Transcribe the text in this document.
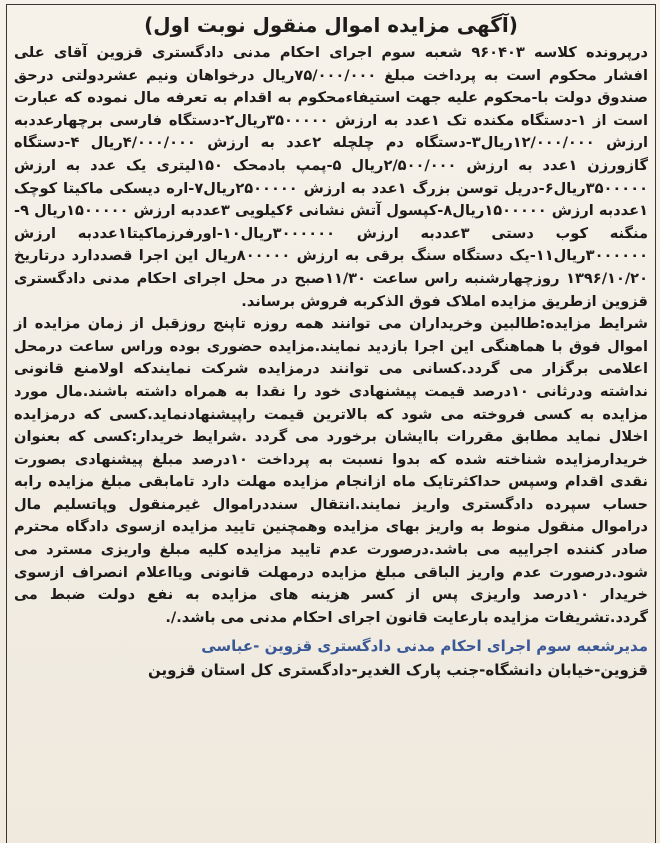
(آگهی مزایده اموال منقول نوبت اول)

درپرونده کلاسه ۹۶۰۴۰۳ شعبه سوم اجرای احکام مدنی دادگستری قزوین آقای علی افشار محکوم است به پرداخت مبلغ ۷۵/۰۰۰/۰۰۰ریال درخواهان ونیم عشردولتی درحق صندوق دولت با-محکوم علیه جهت استیفاءمحکوم به اقدام به تعرفه مال نموده که عبارت است از ۱-دستگاه مکنده تک ۱عدد به ارزش ۳۵۰۰۰۰۰ریال۲-دستگاه فارسی برچهارعددبه ارزش ۱۲/۰۰۰/۰۰۰ریال۳-دستگاه دم چلچله ۲عدد به ارزش ۴/۰۰۰/۰۰۰ریال ۴-دستگاه گازورزن ۱عدد به ارزش ۲/۵۰۰/۰۰۰ریال ۵-پمپ بادمحک ۱۵۰لیتری یک عدد به ارزش ۳۵۰۰۰۰۰ریال۶-دریل توسن بزرگ ۱عدد به ارزش ۲۵۰۰۰۰۰ریال۷-اره دیسکی ماکیتا کوچک ۱عددبه ارزش ۱۵۰۰۰۰۰ریال۸-کپسول آتش نشانی ۶کیلویی ۳عددبه ارزش ۱۵۰۰۰۰۰ریال ۹-منگنه کوب دستی ۳عددبه ارزش ۳۰۰۰۰۰۰ریال۱۰-اورفرزماکیتا۱عددبه ارزش ۳۰۰۰۰۰۰ریال۱۱-یک دستگاه سنگ برقی به ارزش ۸۰۰۰۰۰ریال این اجرا قصددارد درتاریخ ۱۳۹۶/۱۰/۲۰ روزچهارشنبه راس ساعت ۱۱/۳۰صبح در محل اجرای احکام مدنی دادگستری قزوین ازطریق مزایده املاک فوق الذکربه فروش برساند.

شرایط مزایده:طالبین وخریداران می توانند همه روزه تاپنج روزقبل از زمان مزایده از اموال فوق با هماهنگی این اجرا بازدید نمایند.مزایده حضوری بوده وراس ساعت درمحل اعلامی برگزار می گردد.کسانی می توانند درمزایده شرکت نمایندکه اولامنع قانونی نداشته ودرثانی ۱۰درصد قیمت پیشنهادی خود را نقدا به همراه داشته باشند.مال مورد مزایده به کسی فروخته می شود که بالاترین قیمت راپیشنهادنماید.کسی که درمزایده اخلال نماید مطابق مقررات باایشان برخورد می گردد .شرایط خریدار:کسی که بعنوان خریدارمزایده شناخته شده که بدوا نسبت به پرداخت ۱۰درصد مبلغ پیشنهادی بصورت نقدی اقدام وسپس حداکثرتایک ماه ازانجام مزایده مهلت دارد تامابقی مبلغ مزایده رابه حساب سپرده دادگستری واریز نمایند.انتقال سنددراموال غیرمنقول وپاتسلیم مال دراموال منقول منوط به واریز بهای مزایده وهمچنین تایید مزایده ازسوی دادگاه محترم صادر کننده اجراییه می باشد.درصورت عدم تایید مزایده کلیه مبلغ واریزی مسترد می شود.درصورت عدم واریز الباقی مبلغ مزایده درمهلت قانونی ویااعلام انصراف ازسوی خریدار ۱۰درصد واریزی پس از کسر هزینه های مزایده به نفع دولت ضبط می گردد.تشریفات مزایده بارعایت قانون اجرای احکام مدنی می باشد./.

مدیرشعبه سوم اجرای احکام مدنی دادگستری قزوین -عباسی
قزوین-خیابان دانشگاه-جنب پارک الغدیر-دادگستری کل استان قزوین
